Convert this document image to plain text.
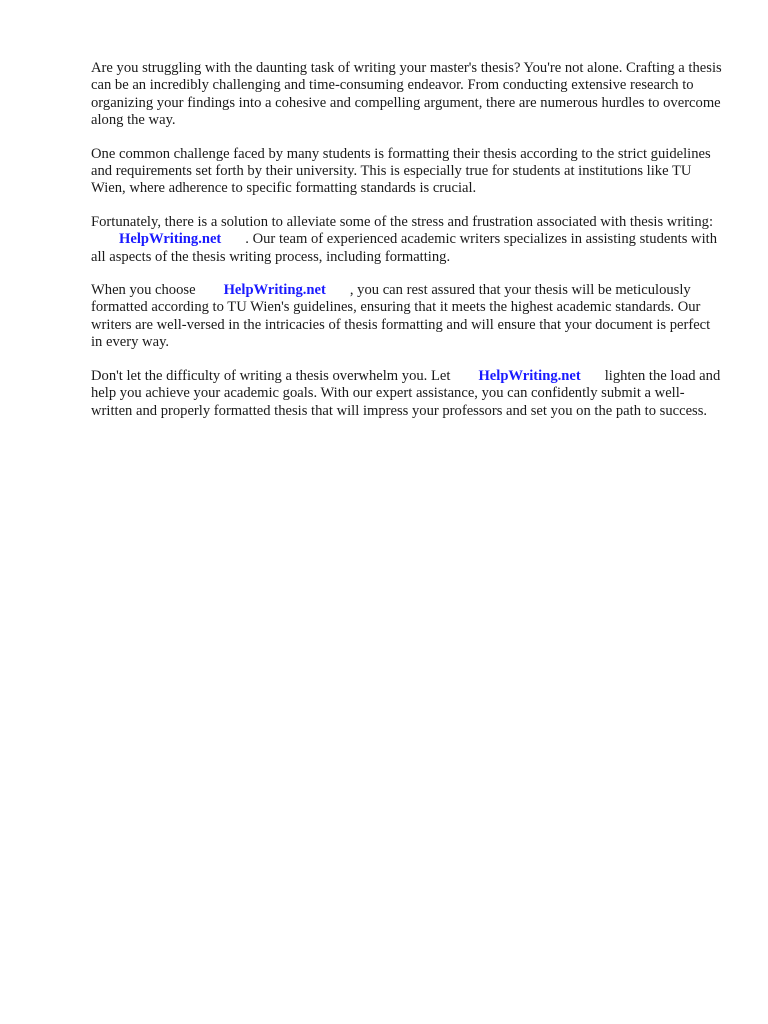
Are you struggling with the daunting task of writing your master's thesis? You're not alone. Crafting a thesis can be an incredibly challenging and time-consuming endeavor. From conducting extensive research to organizing your findings into a cohesive and compelling argument, there are numerous hurdles to overcome along the way.

One common challenge faced by many students is formatting their thesis according to the strict guidelines and requirements set forth by their university. This is especially true for students at institutions like TU Wien, where adherence to specific formatting standards is crucial.

Fortunately, there is a solution to alleviate some of the stress and frustration associated with thesis writing:HelpWriting.net . Our team of experienced academic writers specializes in assisting students with all aspects of the thesis writing process, including formatting.

When you choose HelpWriting.net , you can rest assured that your thesis will be meticulously formatted according to TU Wien's guidelines, ensuring that it meets the highest academic standards. Our writers are well-versed in the intricacies of thesis formatting and will ensure that your document is perfect in every way.

Don't let the difficulty of writing a thesis overwhelm you. Let HelpWriting.net lighten the load and help you achieve your academic goals. With our expert assistance, you can confidently submit a well-written and properly formatted thesis that will impress your professors and set you on the path to success.
